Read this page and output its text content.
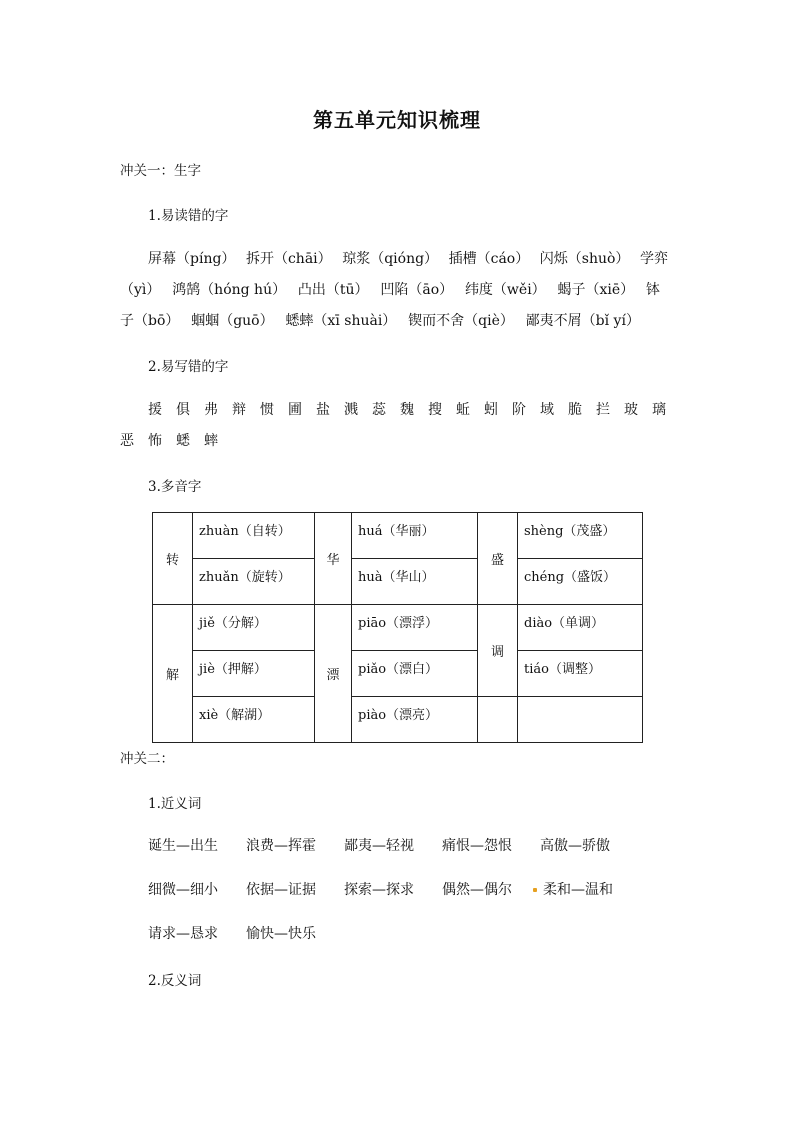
第五单元知识梳理
冲关一：生字
1.易读错的字
屏幕（píng） 拆开（chāi） 琼浆（qióng） 插槽（cáo） 闪烁（shuò） 学弈
（yì） 鸿鹄（hóng hú） 凸出（tū） 凹陷（āo） 纬度（wěi） 蝎子（xiē） 钵
子（bō） 蝈蝈（guō） 蟋蟀（xī shuài） 锲而不舍（qiè） 鄙夷不屑（bǐ yí）
2.易写错的字
援 俱 弗 辩 惯 圃 盐 溅 蕊 魏 搜 蚯 蚓 阶 域 脆 拦 玻 璃
恶 怖 蟋 蟀
3.多音字
转	zhuàn（自转）	华	huá（华丽）	盛	shèng（茂盛）

	zhuǎn（旋转）		huà（华山）		chéng（盛饭）

解	jiě（分解）	漂	piāo（漂浮）	调	diào（单调）

	jiè（押解）		piǎo（漂白）		tiáo（调整）

	xiè（解湖）		piào（漂亮）		

冲关二：
1.近义词
诞生—出生 浪费—挥霍 鄙夷—轻视 痛恨—怨恨 高傲—骄傲
细微—细小 依据—证据 探索—探求 偶然—偶尔	柔和—温和
请求—恳求 愉快—快乐
2.反义词
